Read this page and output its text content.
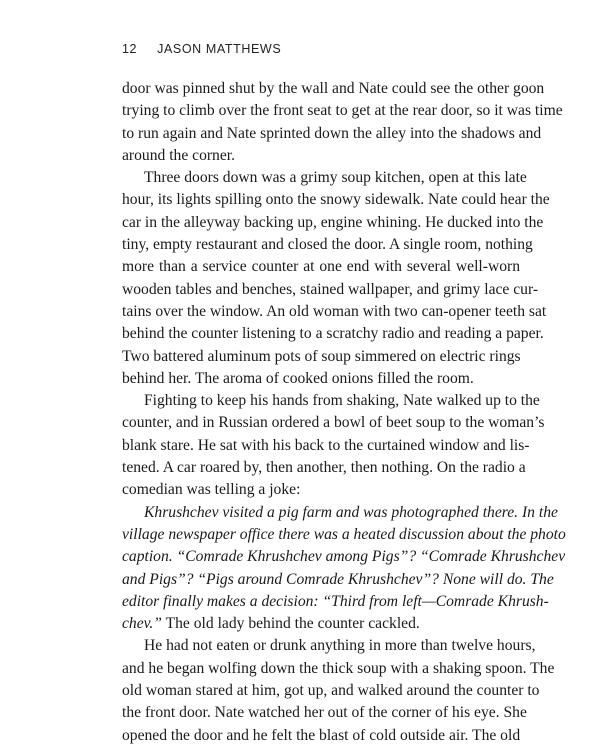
12 JASON MATTHEWS

door was pinned shut by the wall and Nate could see the other goon
trying to climb over the front seat to get at the rear door, so it was time
to run again and Nate sprinted down the alley into the shadows and
around the corner.

Three doors down was a grimy soup kitchen, open at this late
hour, its lights spilling onto the snowy sidewalk. Nate could hear the
car in the alleyway backing up, engine whining. He ducked into the
tiny, empty restaurant and closed the door. A single room, nothing
more than a service counter at one end with several well-worn
wooden tables and benches, stained wallpaper, and grimy lace cur-
tains over the window. An old woman with two can-opener teeth sat
behind the counter listening to a scratchy radio and reading a paper.
Two battered aluminum pots of soup simmered on electric rings
behind her. The aroma of cooked onions filled the room.

Fighting to keep his hands from shaking, Nate walked up to the
counter, and in Russian ordered a bowl of beet soup to the woman’s
blank stare. He sat with his back to the curtained window and lis-
tened. A car roared by, then another, then nothing. On the radio a
comedian was telling a joke:

Khrushchev visited a pig farm and was photographed there. In the
village newspaper office there was a heated discussion about the photo
caption. “Comrade Khrushchev among Pigs”? “Comrade Khrushchev
and Pigs”? “Pigs around Comrade Khrushchev”? None will do. The
editor finally makes a decision: “Third from left—Comrade Khrush-
chev.” The old lady behind the counter cackled.

He had not eaten or drunk anything in more than twelve hours,
and he began wolfing down the thick soup with a shaking spoon. The
old woman stared at him, got up, and walked around the counter to
the front door. Nate watched her out of the corner of his eye. She
opened the door and he felt the blast of cold outside air. The old
